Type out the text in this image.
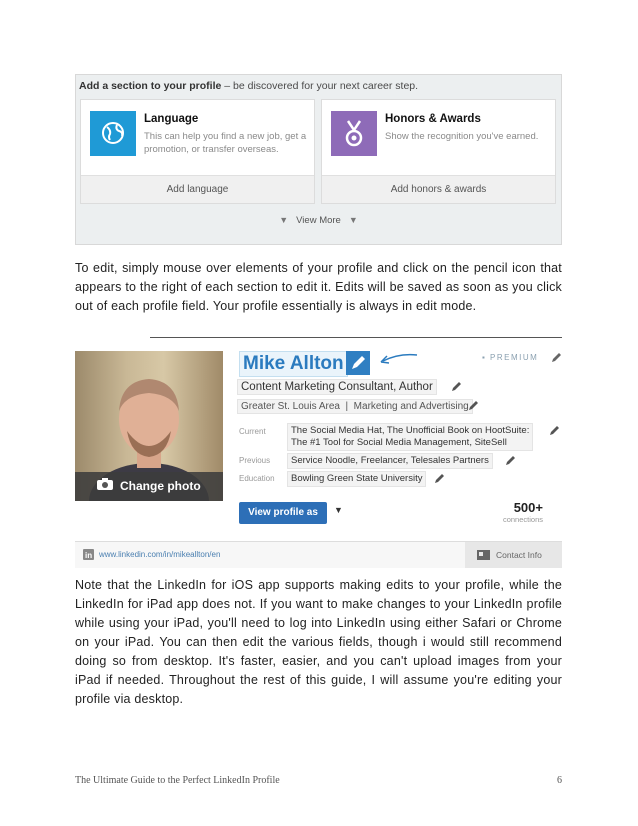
Add a section to your profile – be discovered for your next career step.
Language
This can help you find a new job, get a promotion, or transfer overseas.
Add language
Honors & Awards
Show the recognition you've earned.
Add honors & awards
▼ View More ▼
To edit, simply mouse over elements of your profile and click on the pencil icon that appears to the right of each section to edit it. Edits will be saved as soon as you click out of each profile field. Your profile essentially is always in edit mode.
Change photo
Mike Allton	▪ PREMIUM
Content Marketing Consultant, Author
Greater St. Louis Area  |  Marketing and Advertising
Current	The Social Media Hat, The Unofficial Book on HootSuite:
The #1 Tool for Social Media Management, SiteSell
Previous	Service Noodle, Freelancer, Telesales Partners
Education	Bowling Green State University
View profile as	▼	500+
connections
in www.linkedin.com/in/mikeallton/en	Contact Info
Note that the LinkedIn for iOS app supports making edits to your profile, while the LinkedIn for iPad app does not. If you want to make changes to your LinkedIn profile while using your iPad, you'll need to log into LinkedIn using either Safari or Chrome on your iPad. You can then edit the various fields, though i would still recommend doing so from desktop. It's faster, easier, and you can't upload images from your iPad if needed. Throughout the rest of this guide, I will assume you're editing your profile via desktop.
The Ultimate Guide to the Perfect LinkedIn Profile	6
